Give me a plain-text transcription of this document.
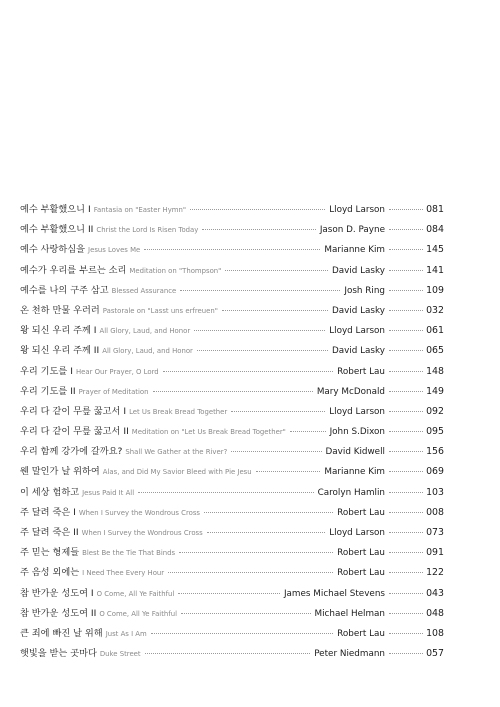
예수 부활했으니 I Fantasia on "Easter Hymn"	Lloyd Larson	081
예수 부활했으니 II Christ the Lord Is Risen Today	Jason D. Payne	084
예수 사랑하심을 Jesus Loves Me	Marianne Kim	145
예수가 우리를 부르는 소리 Meditation on "Thompson"	David Lasky	141
예수를 나의 구주 삼고 Blessed Assurance	Josh Ring	109
온 천하 만물 우러러 Pastorale on "Lasst uns erfreuen"	David Lasky	032
왕 되신 우리 주께 I All Glory, Laud, and Honor	Lloyd Larson	061
왕 되신 우리 주께 II All Glory, Laud, and Honor	David Lasky	065
우리 기도를 I Hear Our Prayer, O Lord	Robert Lau	148
우리 기도를 II Prayer of Meditation	Mary McDonald	149
우리 다 같이 무릎 꿇고서 I Let Us Break Bread Together	Lloyd Larson	092
우리 다 같이 무릎 꿇고서 II Meditation on "Let Us Break Bread Together"	John S.Dixon	095
우리 함께 강가에 갈까요? Shall We Gather at the River?	David Kidwell	156
웬 말인가 날 위하여 Alas, and Did My Savior Bleed with Pie Jesu	Marianne Kim	069
이 세상 험하고 Jesus Paid It All	Carolyn Hamlin	103
주 달려 죽은 I When I Survey the Wondrous Cross	Robert Lau	008
주 달려 죽은 II When I Survey the Wondrous Cross	Lloyd Larson	073
주 믿는 형제들 Blest Be the Tie That Binds	Robert Lau	091
주 음성 외에는 I Need Thee Every Hour	Robert Lau	122
참 반가운 성도여 I O Come, All Ye Faithful	James Michael Stevens	043
참 반가운 성도여 II O Come, All Ye Faithful	Michael Helman	048
큰 죄에 빠진 날 위해 Just As I Am	Robert Lau	108
햇빛을 받는 곳마다 Duke Street	Peter Niedmann	057
